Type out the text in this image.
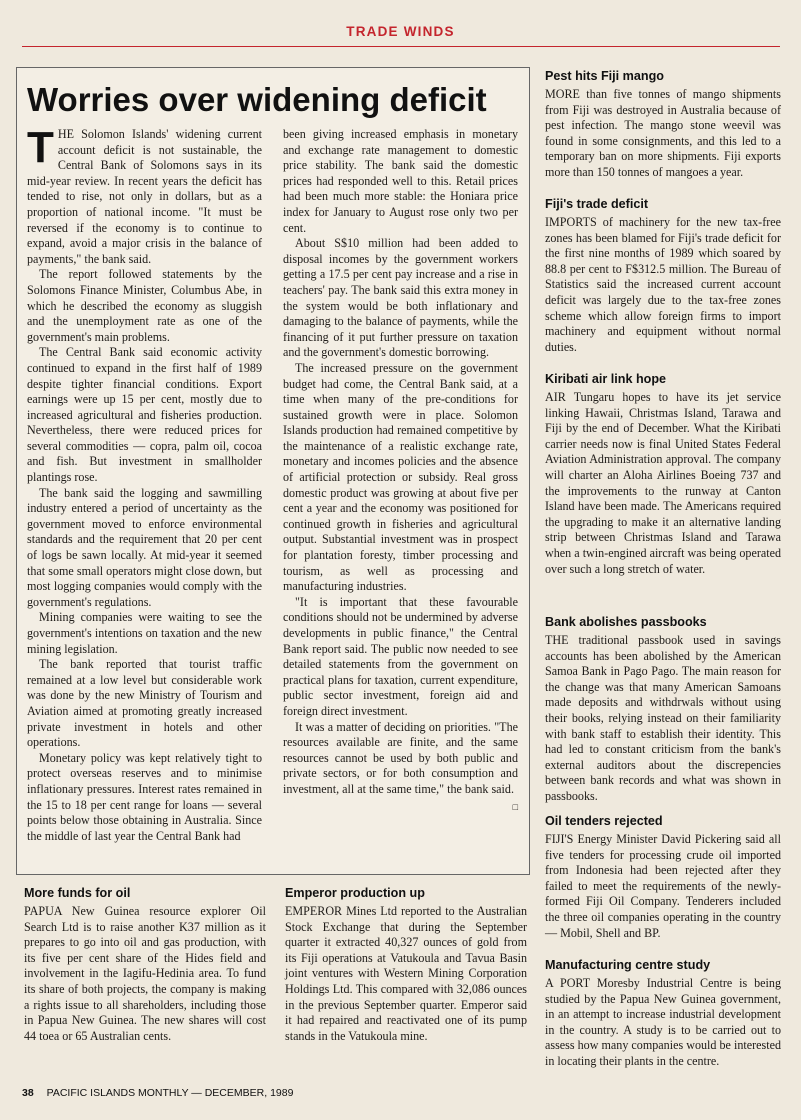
TRADE WINDS
Worries over widening deficit

THE Solomon Islands' widening current account deficit is not sustainable, the Central Bank of Solomons says in its mid-year review. In recent years the deficit has tended to rise, not only in dollars, but as a proportion of national income. "It must be reversed if the economy is to continue to expand, avoid a major crisis in the balance of payments," the bank said.

The report followed statements by the Solomons Finance Minister, Columbus Abe, in which he described the economy as sluggish and the unemployment rate as one of the government's main problems.

The Central Bank said economic activity continued to expand in the first half of 1989 despite tighter financial conditions. Export earnings were up 15 per cent, mostly due to increased agricultural and fisheries production. Nevertheless, there were reduced prices for several commodities — copra, palm oil, cocoa and fish. But investment in smallholder plantings rose.

The bank said the logging and sawmilling industry entered a period of uncertainty as the government moved to enforce environmental standards and the requirement that 20 per cent of logs be sawn locally. At mid-year it seemed that some small operators might close down, but most logging companies would comply with the government's regulations.

Mining companies were waiting to see the government's intentions on taxation and the new mining legislation.

The bank reported that tourist traffic remained at a low level but considerable work was done by the new Ministry of Tourism and Aviation aimed at promoting greatly increased private investment in hotels and other operations.

Monetary policy was kept relatively tight to protect overseas reserves and to minimise inflationary pressures. Interest rates remained in the 15 to 18 per cent range for loans — several points below those obtaining in Australia. Since the middle of last year the Central Bank had

been giving increased emphasis in monetary and exchange rate management to domestic price stability. The bank said the domestic prices had responded well to this. Retail prices had been much more stable: the Honiara price index for January to August rose only two per cent.

About S$10 million had been added to disposal incomes by the government workers getting a 17.5 per cent pay increase and a rise in teachers' pay. The bank said this extra money in the system would be both inflationary and damaging to the balance of payments, while the financing of it put further pressure on taxation and the government's domestic borrowing.

The increased pressure on the government budget had come, the Central Bank said, at a time when many of the pre-conditions for sustained growth were in place. Solomon Islands production had remained competitive by the maintenance of a realistic exchange rate, monetary and incomes policies and the absence of artificial protection or subsidy. Real gross domestic product was growing at about five per cent a year and the economy was positioned for continued growth in fisheries and agricultural output. Substantial investment was in prospect for plantation foresty, timber processing and tourism, as well as processing and manufacturing industries.

"It is important that these favourable conditions should not be undermined by adverse developments in public finance," the Central Bank report said. The public now needed to see detailed statements from the government on practical plans for taxation, current expenditure, public sector investment, foreign aid and foreign direct investment.

It was a matter of deciding on priorities. "The resources available are finite, and the same resources cannot be used by both public and private sectors, or for both consumption and investment, all at the same time," the bank said.
□

Pest hits Fiji mango

MORE than five tonnes of mango shipments from Fiji was destroyed in Australia because of pest infection. The mango stone weevil was found in some consignments, and this led to a temporary ban on more shipments. Fiji exports more than 150 tonnes of mangoes a year.

Fiji's trade deficit

IMPORTS of machinery for the new tax-free zones has been blamed for Fiji's trade deficit for the first nine months of 1989 which soared by 88.8 per cent to F$312.5 million. The Bureau of Statistics said the increased current account deficit was largely due to the tax-free zones scheme which allow foreign firms to import machinery and equipment without normal duties.

Kiribati air link hope

AIR Tungaru hopes to have its jet service linking Hawaii, Christmas Island, Tarawa and Fiji by the end of December. What the Kiribati carrier needs now is final United States Federal Aviation Administration approval. The company will charter an Aloha Airlines Boeing 737 and the improvements to the runway at Canton Island have been made. The Americans required the upgrading to make it an alternative landing strip between Christmas Island and Tarawa when a twin-engined aircraft was being operated over such a long stretch of water.

Bank abolishes passbooks

THE traditional passbook used in savings accounts has been abolished by the American Samoa Bank in Pago Pago. The main reason for the change was that many American Samoans made deposits and withdrwals without using their books, relying instead on their familiarity with bank staff to establish their identity. This had led to constant criticism from the bank's external auditors about the discrepencies between bank records and what was shown in passbooks.

Oil tenders rejected

FIJI'S Energy Minister David Pickering said all five tenders for processing crude oil imported from Indonesia had been rejected after they failed to meet the requirements of the newly-formed Fiji Oil Company. Tenderers included the three oil companies operating in the country — Mobil, Shell and BP.

Manufacturing centre study

A PORT Moresby Industrial Centre is being studied by the Papua New Guinea government, in an attempt to increase industrial development in the country. A study is to be carried out to assess how many companies would be interested in locating their plants in the centre.

More funds for oil

PAPUA New Guinea resource explorer Oil Search Ltd is to raise another K37 million as it prepares to go into oil and gas production, with its five per cent share of the Hides field and involvement in the Iagifu-Hedinia area. To fund its share of both projects, the company is making a rights issue to all shareholders, including those in Papua New Guinea. The new shares will cost 44 toea or 65 Australian cents.

Emperor production up

EMPEROR Mines Ltd reported to the Australian Stock Exchange that during the September quarter it extracted 40,327 ounces of gold from its Fiji operations at Vatukoula and Tavua Basin joint ventures with Western Mining Corporation Holdings Ltd. This compared with 32,086 ounces in the previous September quarter. Emperor said it had repaired and reactivated one of its pump stands in the Vatukoula mine.

38 PACIFIC ISLANDS MONTHLY — DECEMBER, 1989
